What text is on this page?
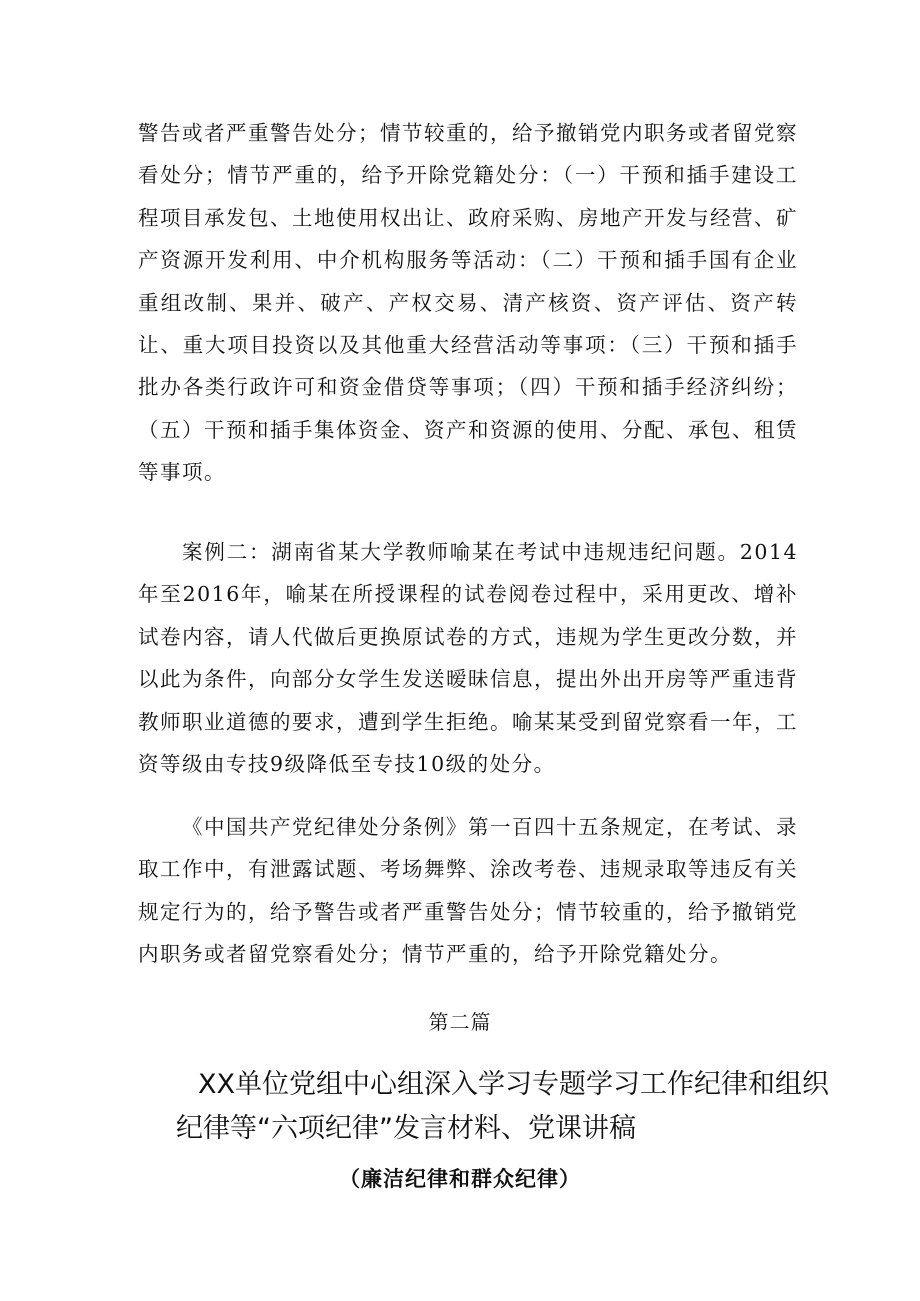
警告或者严重警告处分；情节较重的，给予撤销党内职务或者留党察看处分；情节严重的，给予开除党籍处分：（一）干预和插手建设工程项目承发包、土地使用权出让、政府采购、房地产开发与经营、矿产资源开发利用、中介机构服务等活动：（二）干预和插手国有企业重组改制、果并、破产、产权交易、清产核资、资产评估、资产转让、重大项目投资以及其他重大经营活动等事项：（三）干预和插手批办各类行政许可和资金借贷等事项；（四）干预和插手经济纠纷；（五）干预和插手集体资金、资产和资源的使用、分配、承包、租赁等事项。

案例二：湖南省某大学教师喻某在考试中违规违纪问题。2014年至2016年，喻某在所授课程的试卷阅卷过程中，采用更改、增补试卷内容，请人代做后更换原试卷的方式，违规为学生更改分数，并以此为条件，向部分女学生发送暧昧信息，提出外出开房等严重违背教师职业道德的要求，遭到学生拒绝。喻某某受到留党察看一年，工资等级由专技9级降低至专技10级的处分。

《中国共产党纪律处分条例》第一百四十五条规定，在考试、录取工作中，有泄露试题、考场舞弊、涂改考卷、违规录取等违反有关规定行为的，给予警告或者严重警告处分；情节较重的，给予撤销党内职务或者留党察看处分；情节严重的，给予开除党籍处分。

第二篇
XX单位党组中心组深入学习专题学习工作纪律和组织
纪律等“六项纪律”发言材料、党课讲稿
（廉洁纪律和群众纪律）
